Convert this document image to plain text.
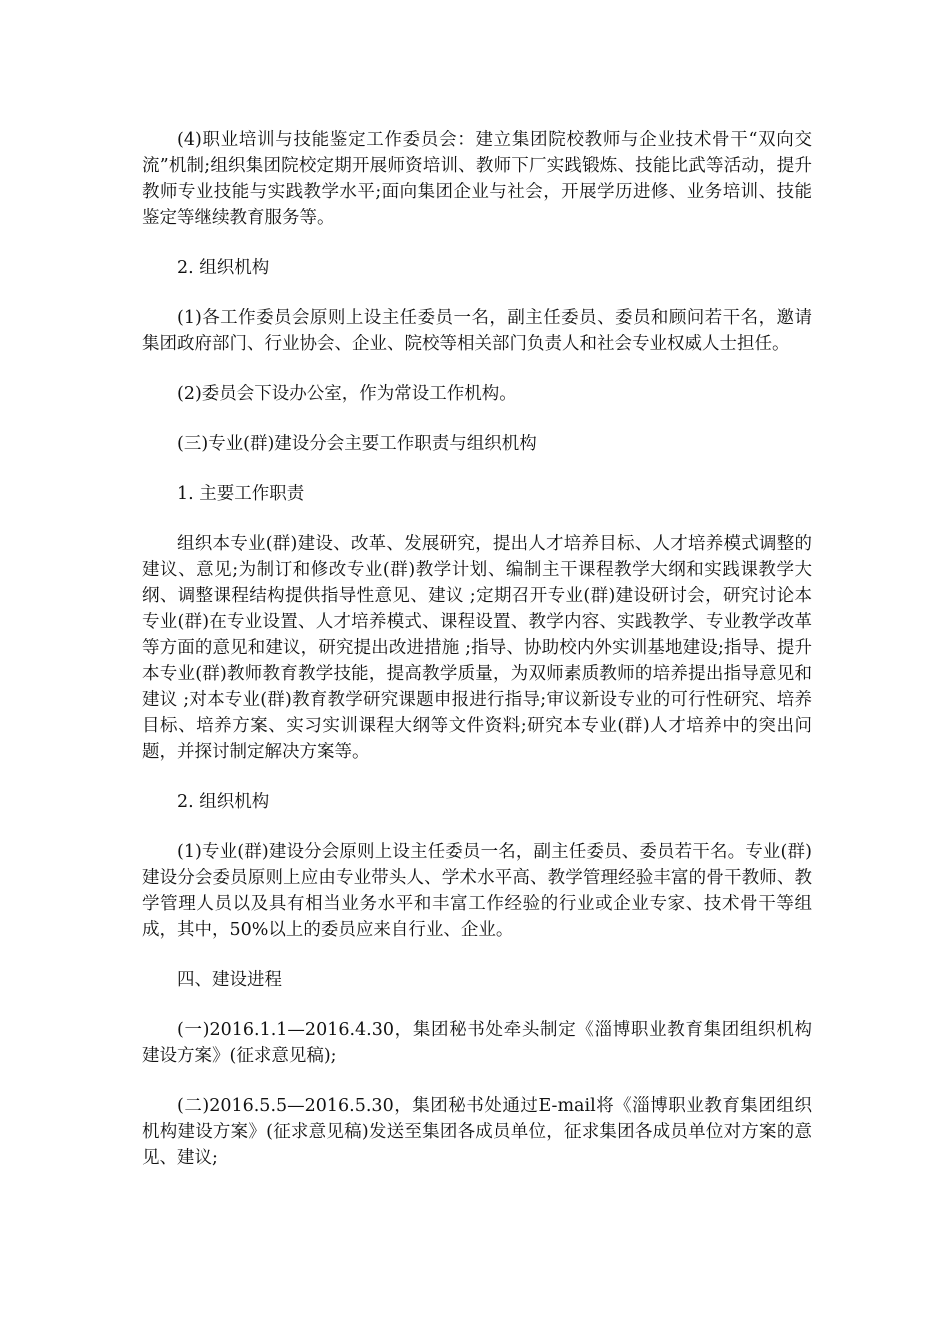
(4)职业培训与技能鉴定工作委员会：建立集团院校教师与企业技术骨干“双向交流”机制;组织集团院校定期开展师资培训、教师下厂实践锻炼、技能比武等活动，提升教师专业技能与实践教学水平;面向集团企业与社会，开展学历进修、业务培训、技能鉴定等继续教育服务等。

2. 组织机构

(1)各工作委员会原则上设主任委员一名，副主任委员、委员和顾问若干名，邀请集团政府部门、行业协会、企业、院校等相关部门负责人和社会专业权威人士担任。

(2)委员会下设办公室，作为常设工作机构。

(三)专业(群)建设分会主要工作职责与组织机构

1. 主要工作职责

组织本专业(群)建设、改革、发展研究，提出人才培养目标、人才培养模式调整的建议、意见;为制订和修改专业(群)教学计划、编制主干课程教学大纲和实践课教学大纲、调整课程结构提供指导性意见、建议 ;定期召开专业(群)建设研讨会，研究讨论本专业(群)在专业设置、人才培养模式、课程设置、教学内容、实践教学、专业教学改革等方面的意见和建议，研究提出改进措施 ;指导、协助校内外实训基地建设;指导、提升本专业(群)教师教育教学技能，提高教学质量，为双师素质教师的培养提出指导意见和建议 ;对本专业(群)教育教学研究课题申报进行指导;审议新设专业的可行性研究、培养目标、培养方案、实习实训课程大纲等文件资料;研究本专业(群)人才培养中的突出问题，并探讨制定解决方案等。

2. 组织机构

(1)专业(群)建设分会原则上设主任委员一名，副主任委员、委员若干名。专业(群)建设分会委员原则上应由专业带头人、学术水平高、教学管理经验丰富的骨干教师、教学管理人员以及具有相当业务水平和丰富工作经验的行业或企业专家、技术骨干等组成，其中，50%以上的委员应来自行业、企业。

四、建设进程

(一)2016.1.1—2016.4.30，集团秘书处牵头制定《淄博职业教育集团组织机构建设方案》(征求意见稿);

(二)2016.5.5—2016.5.30，集团秘书处通过E-mail将《淄博职业教育集团组织机构建设方案》(征求意见稿)发送至集团各成员单位，征求集团各成员单位对方案的意见、建议;
